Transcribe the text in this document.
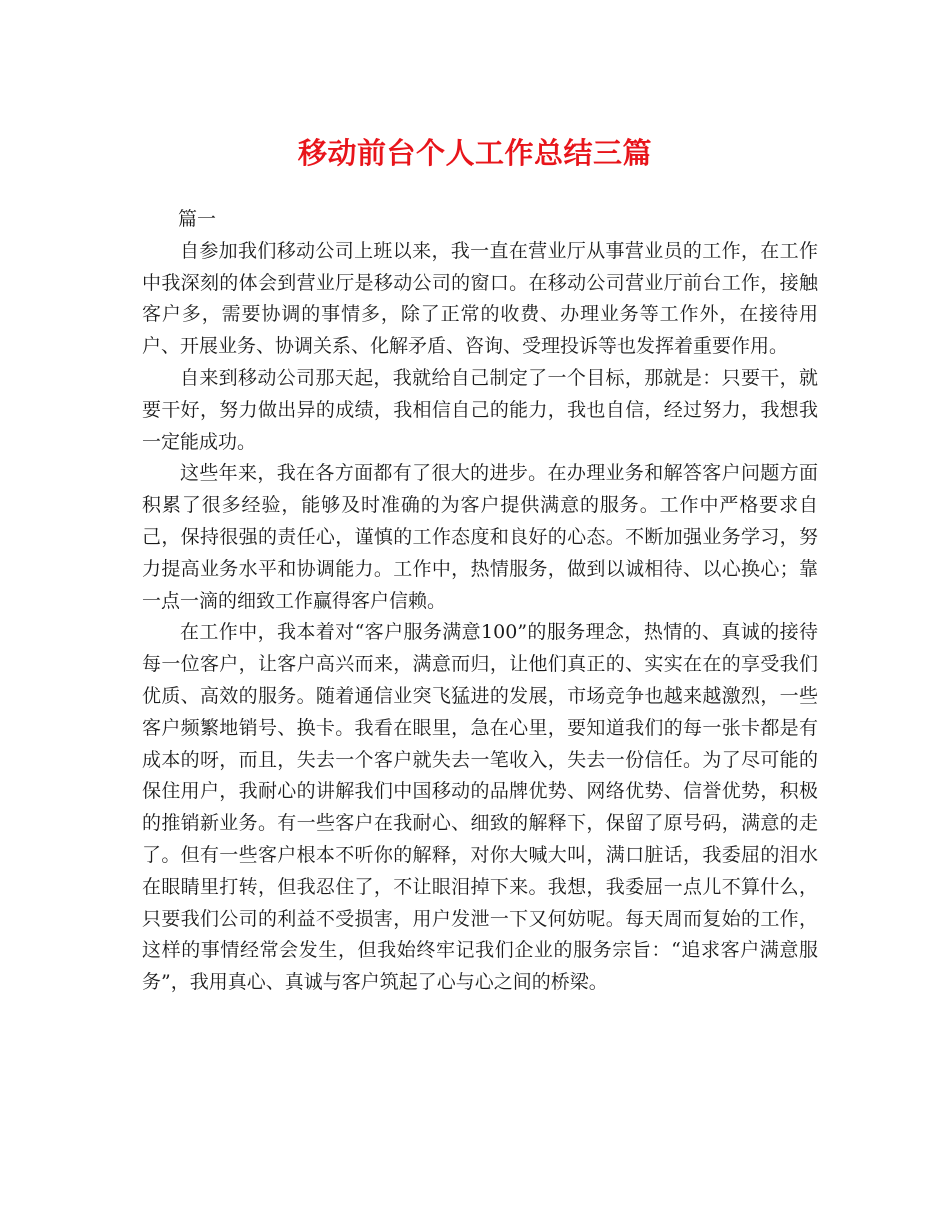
移动前台个人工作总结三篇

篇一

自参加我们移动公司上班以来，我一直在营业厅从事营业员的工作，在工作中我深刻的体会到营业厅是移动公司的窗口。在移动公司营业厅前台工作，接触客户多，需要协调的事情多，除了正常的收费、办理业务等工作外，在接待用户、开展业务、协调关系、化解矛盾、咨询、受理投诉等也发挥着重要作用。

自来到移动公司那天起，我就给自己制定了一个目标，那就是：只要干，就要干好，努力做出异的成绩，我相信自己的能力，我也自信，经过努力，我想我一定能成功。

这些年来，我在各方面都有了很大的进步。在办理业务和解答客户问题方面积累了很多经验，能够及时准确的为客户提供满意的服务。工作中严格要求自己，保持很强的责任心，谨慎的工作态度和良好的心态。不断加强业务学习，努力提高业务水平和协调能力。工作中，热情服务，做到以诚相待、以心换心；靠一点一滴的细致工作赢得客户信赖。

在工作中，我本着对“客户服务满意100”的服务理念，热情的、真诚的接待每一位客户，让客户高兴而来，满意而归，让他们真正的、实实在在的享受我们优质、高效的服务。随着通信业突飞猛进的发展，市场竞争也越来越激烈，一些客户频繁地销号、换卡。我看在眼里，急在心里，要知道我们的每一张卡都是有成本的呀，而且，失去一个客户就失去一笔收入，失去一份信任。为了尽可能的保住用户，我耐心的讲解我们中国移动的品牌优势、网络优势、信誉优势，积极的推销新业务。有一些客户在我耐心、细致的解释下，保留了原号码，满意的走了。但有一些客户根本不听你的解释，对你大喊大叫，满口脏话，我委屈的泪水在眼睛里打转，但我忍住了，不让眼泪掉下来。我想，我委屈一点儿不算什么，只要我们公司的利益不受损害，用户发泄一下又何妨呢。每天周而复始的工作，这样的事情经常会发生，但我始终牢记我们企业的服务宗旨：“追求客户满意服务”，我用真心、真诚与客户筑起了心与心之间的桥梁。
